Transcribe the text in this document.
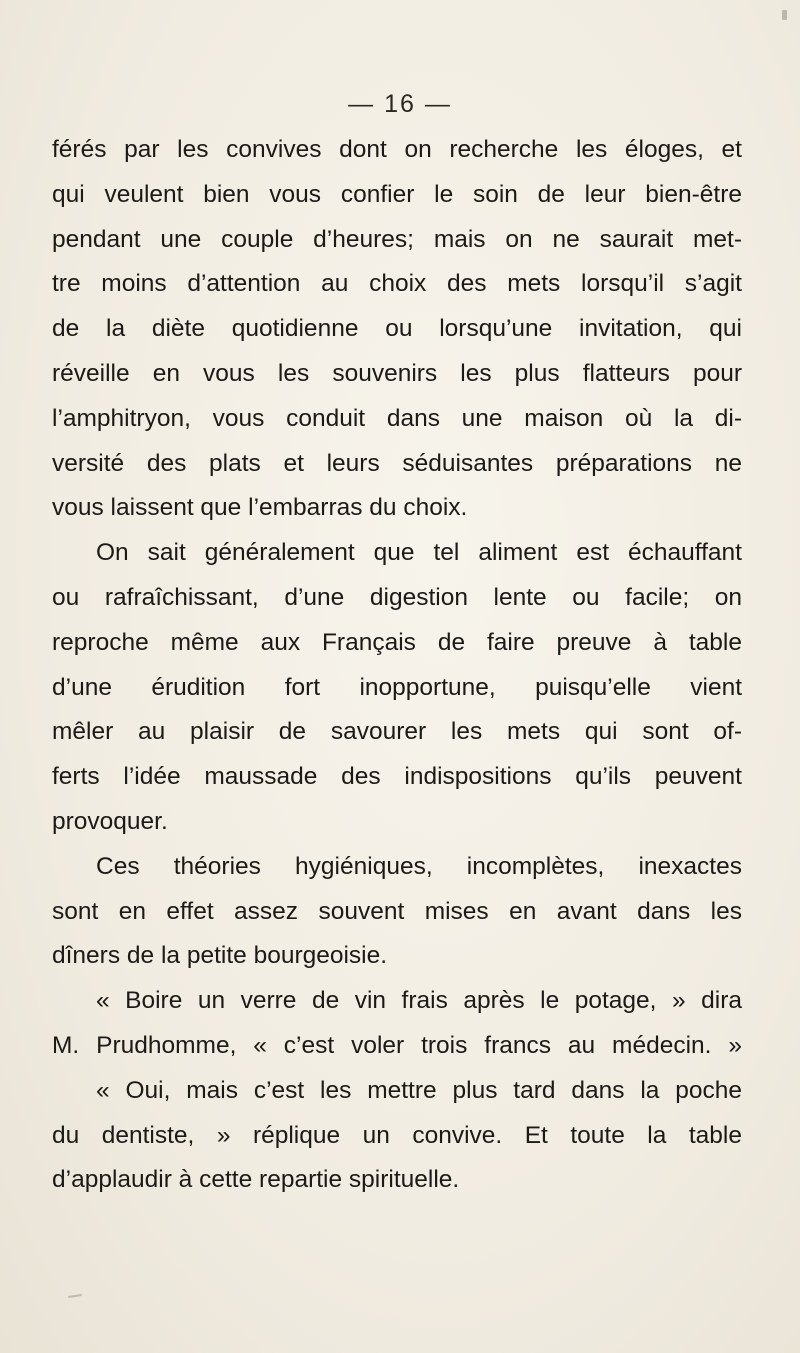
— 16 —
férés par les convives dont on recherche les éloges, et
qui veulent bien vous confier le soin de leur bien-être
pendant une couple d’heures; mais on ne saurait met-
tre moins d’attention au choix des mets lorsqu’il s’agit
de la diète quotidienne ou lorsqu’une invitation, qui
réveille en vous les souvenirs les plus flatteurs pour
l’amphitryon, vous conduit dans une maison où la di-
versité des plats et leurs séduisantes préparations ne
vous laissent que l’embarras du choix.
On sait généralement que tel aliment est échauffant
ou rafraîchissant, d’une digestion lente ou facile; on
reproche même aux Français de faire preuve à table
d’une érudition fort inopportune, puisqu’elle vient
mêler au plaisir de savourer les mets qui sont of-
ferts l’idée maussade des indispositions qu’ils peuvent
provoquer.
Ces théories hygiéniques, incomplètes, inexactes
sont en effet assez souvent mises en avant dans les
dîners de la petite bourgeoisie.
« Boire un verre de vin frais après le potage, » dira
M. Prudhomme, « c’est voler trois francs au médecin. »
« Oui, mais c’est les mettre plus tard dans la poche
du dentiste, » réplique un convive. Et toute la table
d’applaudir à cette repartie spirituelle.
